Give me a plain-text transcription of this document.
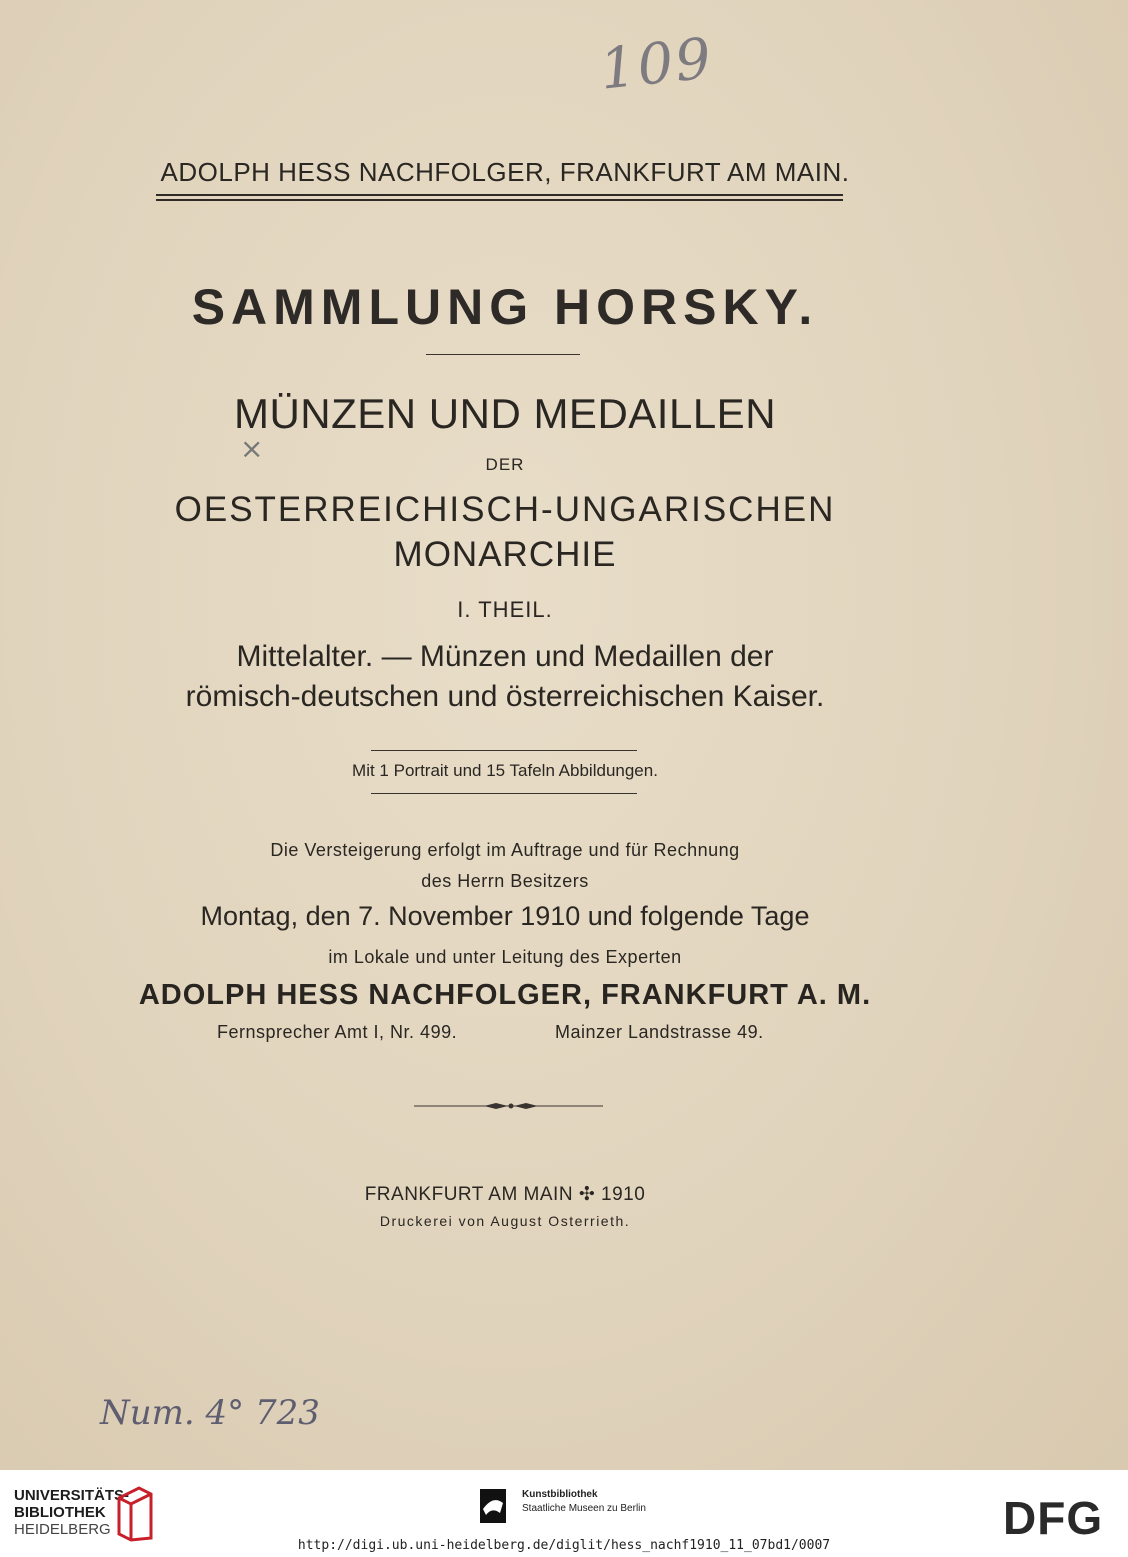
109
ADOLPH HESS NACHFOLGER, FRANKFURT AM MAIN.
SAMMLUNG HORSKY.
MÜNZEN UND MEDAILLEN
×	DER
OESTERREICHISCH-UNGARISCHEN
MONARCHIE
I. THEIL.
Mittelalter. — Münzen und Medaillen der
römisch-deutschen und österreichischen Kaiser.
Mit 1 Portrait und 15 Tafeln Abbildungen.
Die Versteigerung erfolgt im Auftrage und für Rechnung
des Herrn Besitzers
Montag, den 7. November 1910 und folgende Tage
im Lokale und unter Leitung des Experten
ADOLPH HESS NACHFOLGER, FRANKFURT A. M.
Fernsprecher Amt I, Nr. 499.	Mainzer Landstrasse 49.
FRANKFURT AM MAIN ✣ 1910
Druckerei von August Osterrieth.
Num. 4° 723
UNIVERSITÄTS-
BIBLIOTHEK
HEIDELBERG
Kunstbibliothek
Staatliche Museen zu Berlin	DFG
http://digi.ub.uni-heidelberg.de/diglit/hess_nachf1910_11_07bd1/0007
